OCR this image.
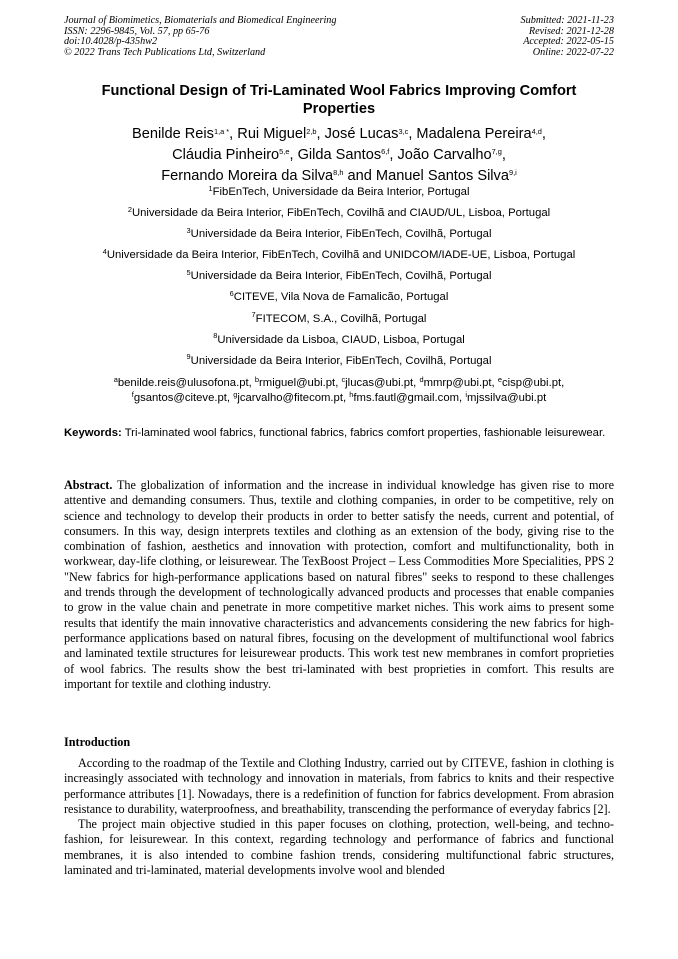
Journal of Biomimetics, Biomaterials and Biomedical Engineering
ISSN: 2296-9845, Vol. 57, pp 65-76
doi:10.4028/p-435hw2
© 2022 Trans Tech Publications Ltd, Switzerland
Submitted: 2021-11-23
Revised: 2021-12-28
Accepted: 2022-05-15
Online: 2022-07-22
Functional Design of Tri-Laminated Wool Fabrics Improving Comfort Properties
Benilde Reis$^{1,a *}$, Rui Miguel$^{2,b}$, José Lucas$^{3,c}$, Madalena Pereira$^{4,d}$,
Cláudia Pinheiro$^{5,e}$, Gilda Santos$^{6,f}$, João Carvalho$^{7,g}$,
Fernando Moreira da Silva$^{8,h}$ and Manuel Santos Silva$^{9,i}$
$^1$FibEnTech, Universidade da Beira Interior, Portugal
$^2$Universidade da Beira Interior, FibEnTech, Covilhã and CIAUD/UL, Lisboa, Portugal
$^3$Universidade da Beira Interior, FibEnTech, Covilhã, Portugal
$^4$Universidade da Beira Interior, FibEnTech, Covilhã and UNIDCOM/IADE-UE, Lisboa, Portugal
$^5$Universidade da Beira Interior, FibEnTech, Covilhã, Portugal
$^6$CITEVE, Vila Nova de Famalicão, Portugal
$^7$FITECOM, S.A., Covilhã, Portugal
$^8$Universidade da Lisboa, CIAUD, Lisboa, Portugal
$^9$Universidade da Beira Interior, FibEnTech, Covilhã, Portugal
$^a$benilde.reis@ulusofona.pt, $^b$rmiguel@ubi.pt, $^c$jlucas@ubi.pt, $^d$mmrp@ubi.pt, $^e$cisp@ubi.pt,
$^f$gsantos@citeve.pt, $^g$jcarvalho@fitecom.pt, $^h$fms.fautl@gmail.com, $^i$mjssilva@ubi.pt
Keywords: Tri-laminated wool fabrics, functional fabrics, fabrics comfort properties, fashionable leisurewear.
Abstract. The globalization of information and the increase in individual knowledge has given rise to more attentive and demanding consumers. Thus, textile and clothing companies, in order to be competitive, rely on science and technology to develop their products in order to better satisfy the needs, current and potential, of consumers. In this way, design interprets textiles and clothing as an extension of the body, giving rise to the combination of fashion, aesthetics and innovation with protection, comfort and multifunctionality, both in workwear, day-life clothing, or leisurewear. The TexBoost Project – Less Commodities More Specialities, PPS 2 "New fabrics for high-performance applications based on natural fibres" seeks to respond to these challenges and trends through the development of technologically advanced products and processes that enable companies to grow in the value chain and penetrate in more competitive market niches. This work aims to present some results that identify the main innovative characteristics and advancements considering the new fabrics for high-performance applications based on natural fibres, focusing on the development of multifunctional wool fabrics and laminated textile structures for leisurewear products. This work test new membranes in comfort proprieties of wool fabrics. The results show the best tri-laminated with best proprieties in comfort. This results are important for textile and clothing industry.
Introduction

According to the roadmap of the Textile and Clothing Industry, carried out by CITEVE, fashion in clothing is increasingly associated with technology and innovation in materials, from fabrics to knits and their respective performance attributes [1]. Nowadays, there is a redefinition of function for fabrics development. From abrasion resistance to durability, waterproofness, and breathability, transcending the performance of everyday fabrics [2].

The project main objective studied in this paper focuses on clothing, protection, well-being, and techno-fashion, for leisurewear. In this context, regarding technology and performance of fabrics and functional membranes, it is also intended to combine fashion trends, considering multifunctional fabric structures, laminated and tri-laminated, material developments involve wool and blended
